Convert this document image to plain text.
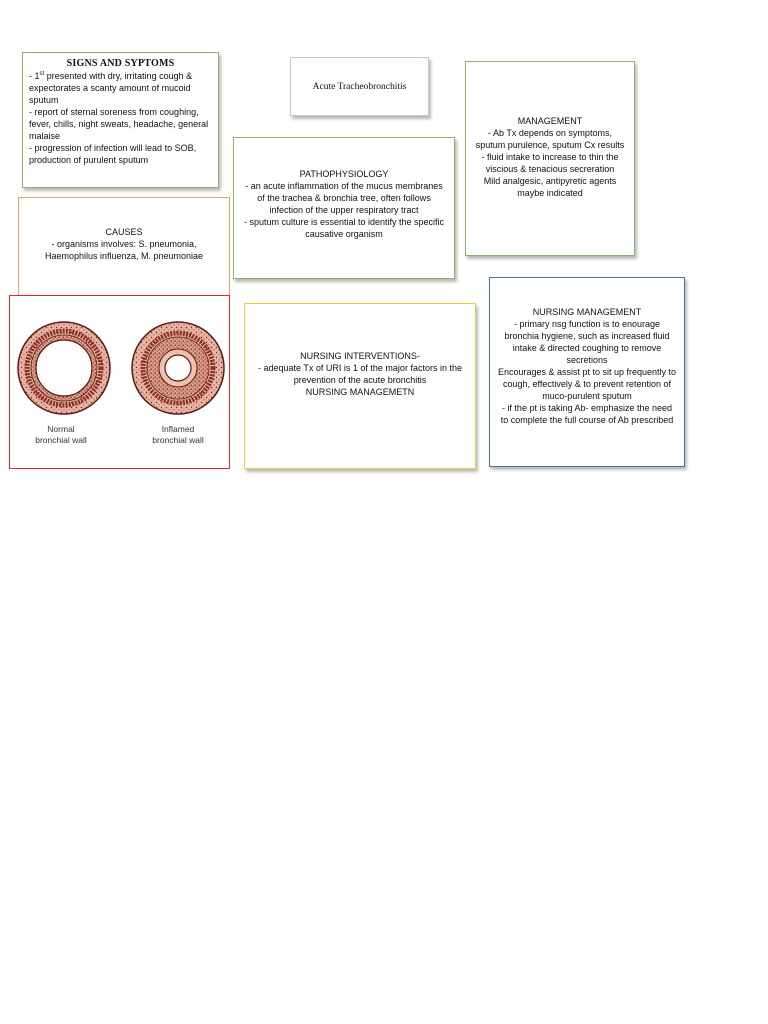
SIGNS AND SYPTOMS
- 1st presented with dry, irritating cough &
expectorates a scanty amount of mucoid
sputum
- report of sternal soreness from coughing,
fever, chills, night sweats, headache, general
malaise
- progression of infection will lead to SOB,
production of purulent sputum
Acute Tracheobronchitis
MANAGEMENT
- Ab Tx depends on symptoms,
sputum purulence, sputum Cx results
- fluid intake to increase to thin the
viscious & tenacious secreration
Mild analgesic, antipyretic agents
maybe indicated
PATHOPHYSIOLOGY
- an acute inflammation of the mucus membranes
of the trachea & bronchia tree, often follows
infection of the upper respiratory tract
- sputum culture is essential to identify the specific
causative organism
CAUSES
- organisms involves: S. pneumonia,
Haemophilus influenza, M. pneumoniae
Normal
bronchial wall
Inflamed
bronchial wall
NURSING INTERVENTIONS-
- adequate Tx of URI is 1 of the major factors in the
prevention of the acute bronchitis
NURSING MANAGEMETN
NURSING MANAGEMENT
- primary nsg function is to enourage
bronchia hygiene, such as increased fluid
intake & directed coughing to remove
secretions
Encourages & assist pt to sit up frequently to
cough, effectively & to prevent retention of
muco-purulent sputum
- if the pt is taking Ab- emphasize the need
to complete the full course of Ab prescribed
